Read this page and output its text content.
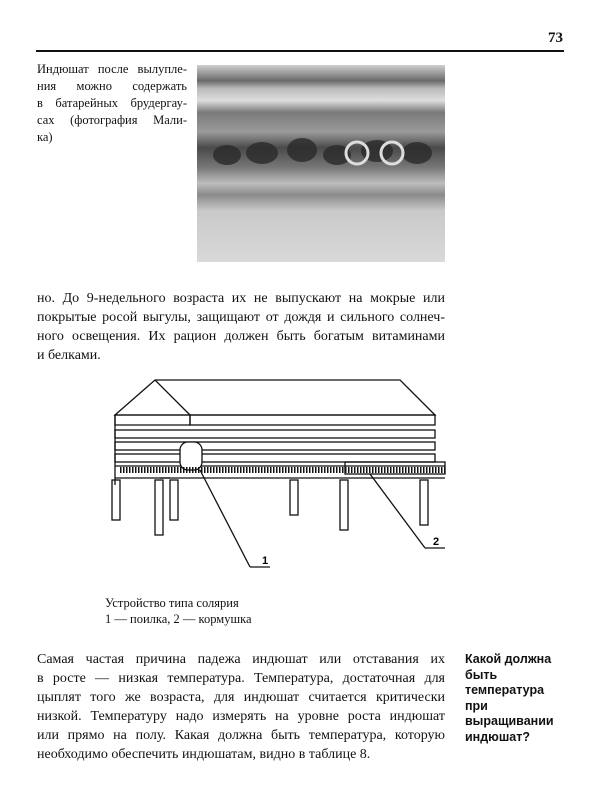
73
Индюшат после вылупле-
ния можно содержать
в батарейных брудергау-
сах (фотография Мали-
ка)
но. До 9-недельного возраста их не выпускают на мокрые или
покрытые росой выгулы, защищают от дождя и сильного солнеч-
ного освещения. Их рацион должен быть богатым витаминами
и белками.
1
2
Устройство типа солярия
1 — поилка, 2 — кормушка
Самая частая причина падежа индюшат или отставания их
в росте — низкая температура. Температура, достаточная для
цыплят того же возраста, для индюшат считается критически
низкой. Температуру надо измерять на уровне роста индюшат
или прямо на полу. Какая должна быть температура, которую
необходимо обеспечить индюшатам, видно в таблице 8.
Какой должна
быть
температура
при
выращивании
индюшат?
